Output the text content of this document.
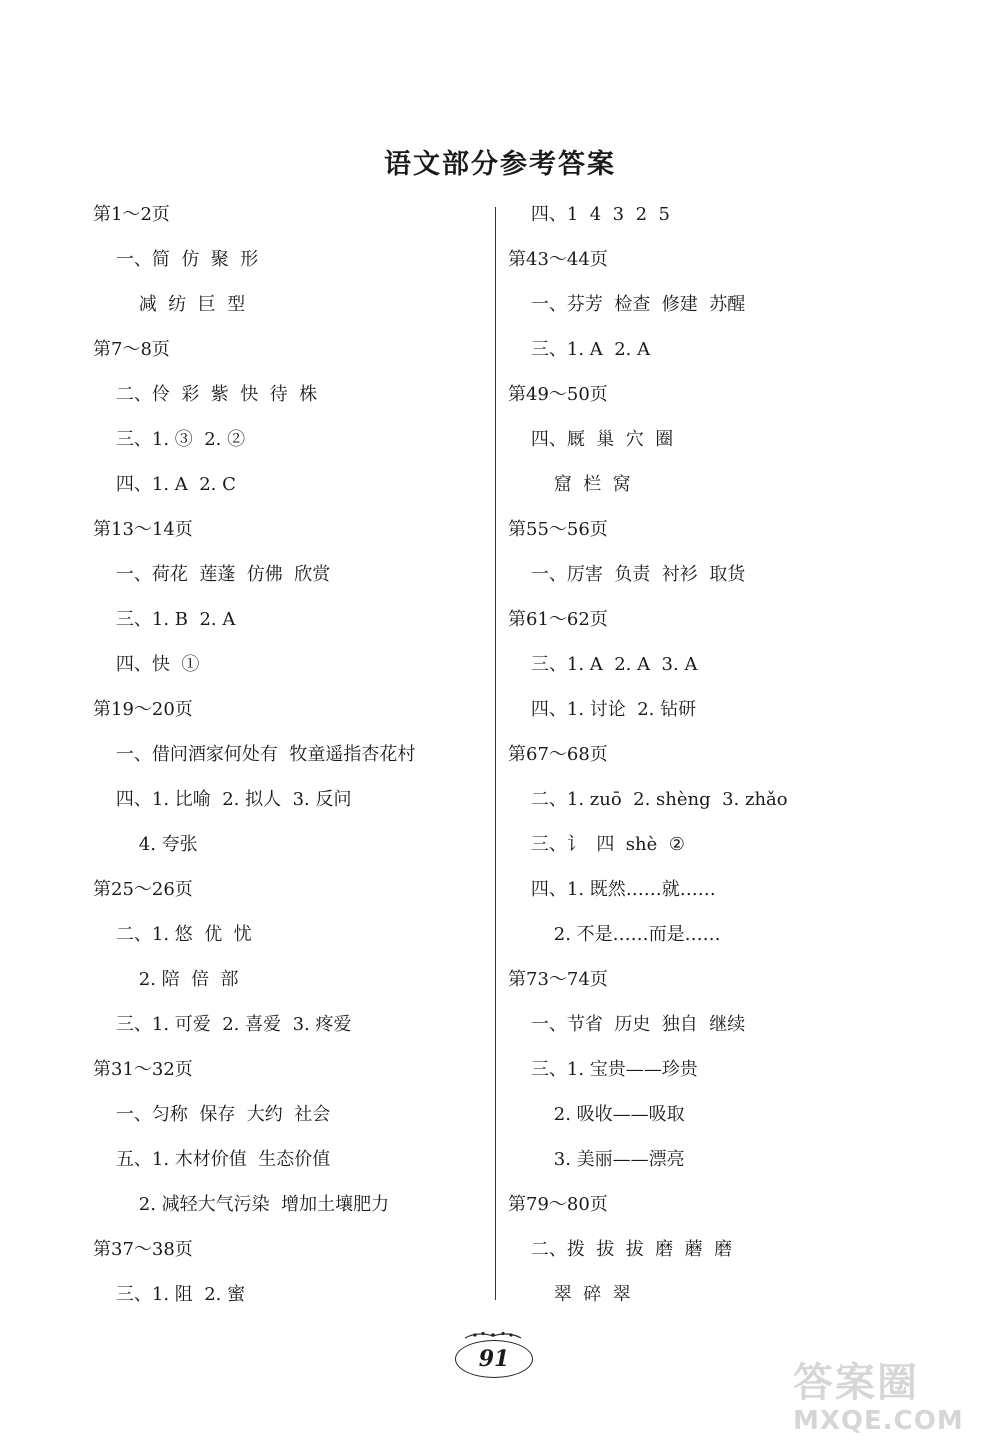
语文部分参考答案
第1～2页
一、简  仿  聚  形
减  纺  巨  型
第7～8页
二、伶  彩  紫  快  待  株
三、1. ③  2. ②
四、1. A  2. C
第13～14页
一、荷花  莲蓬  仿佛  欣赏
三、1. B  2. A
四、快  ①
第19～20页
一、借问酒家何处有  牧童遥指杏花村
四、1. 比喻  2. 拟人  3. 反问
4. 夸张
第25～26页
二、1. 悠  优  忧
2. 陪  倍  部
三、1. 可爱  2. 喜爱  3. 疼爱
第31～32页
一、匀称  保存  大约  社会
五、1. 木材价值  生态价值
2. 减轻大气污染  增加土壤肥力
第37～38页
三、1. 阻  2. 蜜
四、1  4  3  2  5
第43～44页
一、芬芳  检查  修建  苏醒
三、1. A  2. A
第49～50页
四、厩  巢  穴  圈
窟  栏  窝
第55～56页
一、厉害  负责  衬衫  取货
第61～62页
三、1. A  2. A  3. A
四、1. 讨论  2. 钻研
第67～68页
二、1. zuō  2. shèng  3. zhǎo
三、讠  四  shè  ②
四、1. 既然……就……
2. 不是……而是……
第73～74页
一、节省  历史  独自  继续
三、1. 宝贵——珍贵
2. 吸收——吸取
3. 美丽——漂亮
第79～80页
二、拨  拔  拔  磨  蘑  磨
翠  碎  翠
91
答案圈
MXQE.COM
